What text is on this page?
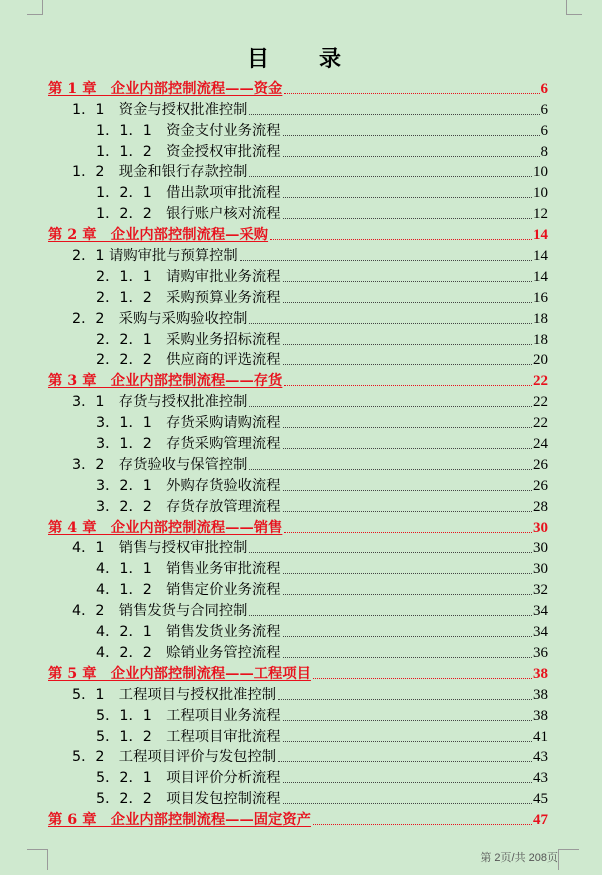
目　录
第 1 章　企业内部控制流程——资金	6
1．1　资金与授权批准控制	6
1．1．1　资金支付业务流程	6
1．1．2　资金授权审批流程	8
1．2　现金和银行存款控制	10
1．2．1　借出款项审批流程	10
1．2．2　银行账户核对流程	12
第 2 章　企业内部控制流程—采购	14
2．1 请购审批与预算控制	14
2．1．1　请购审批业务流程	14
2．1．2　采购预算业务流程	16
2．2　采购与采购验收控制	18
2．2．1　采购业务招标流程	18
2．2．2　供应商的评选流程	20
第 3 章　企业内部控制流程——存货	22
3．1　存货与授权批准控制	22
3．1．1　存货采购请购流程	22
3．1．2　存货采购管理流程	24
3．2　存货验收与保管控制	26
3．2．1　外购存货验收流程	26
3．2．2　存货存放管理流程	28
第 4 章　企业内部控制流程——销售	30
4．1　销售与授权审批控制	30
4．1．1　销售业务审批流程	30
4．1．2　销售定价业务流程	32
4．2　销售发货与合同控制	34
4．2．1　销售发货业务流程	34
4．2．2　赊销业务管控流程	36
第 5 章　企业内部控制流程——工程项目	38
5．1　工程项目与授权批准控制	38
5．1．1　工程项目业务流程	38
5．1．2　工程项目审批流程	41
5．2　工程项目评价与发包控制	43
5．2．1　项目评价分析流程	43
5．2．2　项目发包控制流程	45
第 6 章　企业内部控制流程——固定资产	47
第 2页/共 208页
